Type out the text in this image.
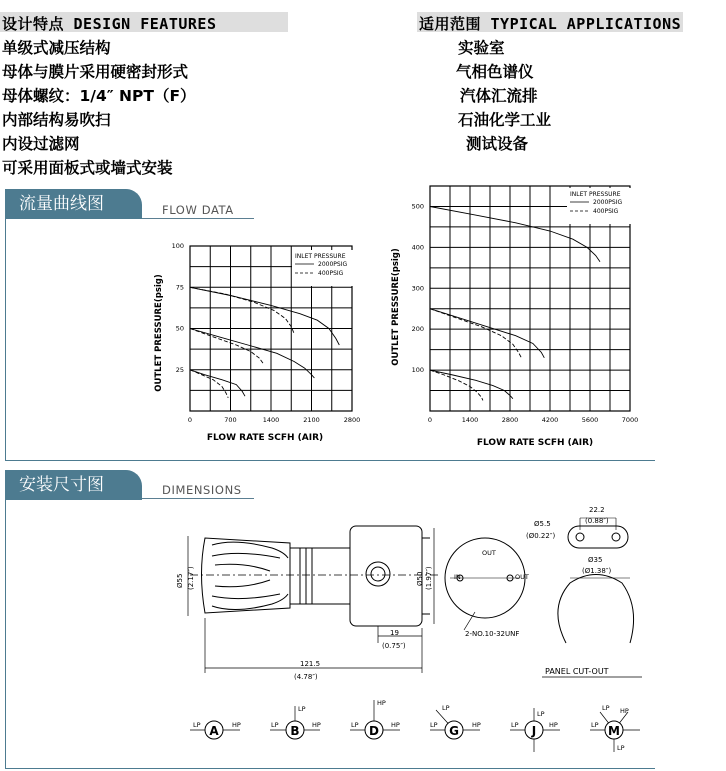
设计特点 DESIGN FEATURES	适用范围 TYPICAL APPLICATIONS
单级式减压结构
母体与膜片采用硬密封形式
母体螺纹：1/4″ NPT（F）
内部结构易吹扫
内设过滤网
可采用面板式或墙式安装
实验室
气相色谱仪
汽体汇流排
石油化学工业
测试设备
流量曲线图	FLOW DATA
0	700	1400	2100	2800
25
50
75
100
INLET PRESSURE
2000PSIG
400PSIG
FLOW RATE SCFH (AIR)
OUTLET PRESSURE(psig)
0	1400	2800	4200	5600	7000
100
200
300
400
500
INLET PRESSURE
2000PSIG
400PSIG
FLOW RATE SCFH (AIR)
OUTLET PRESSURE(psig)
安装尺寸图	DIMENSIONS
Ø55 (2.17″)	Ø50 (1.97″)
19
(0.75″)
121.5
(4.78″)
IN
OUT
OUT
2-NO.10-32UNF
22.2
(0.88″)
Ø5.5
(Ø0.22″)
Ø35
(Ø1.38″)
PANEL CUT-OUT
A
LP	HP	B
LP	HP
LP
D
LP	HP
HP
G
LP	HP
LP
J
LP	HP
LP
M
LP
HP
LP
LP
